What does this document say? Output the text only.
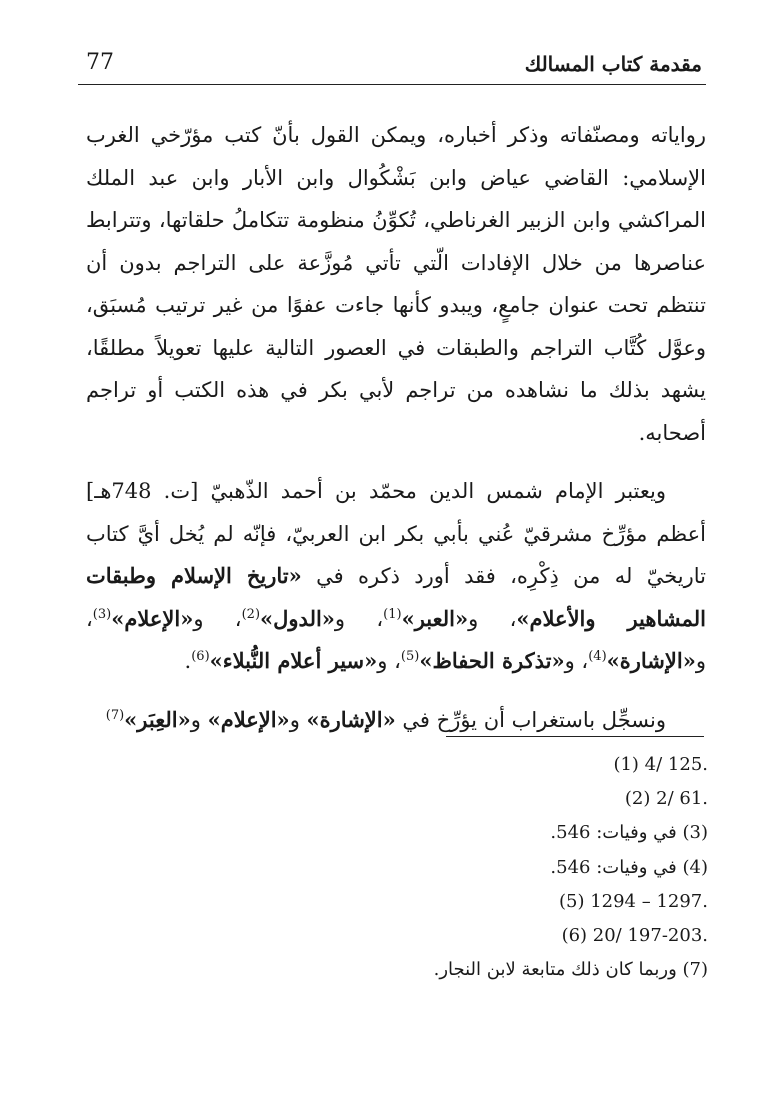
مقدمة كتاب المسالك
77

رواياته ومصنّفاته وذكر أخباره، ويمكن القول بأنّ كتب مؤرّخي الغرب الإسلامي: القاضي عياض وابن بَشْكُوال وابن الأبار وابن عبد الملك المراكشي وابن الزبير الغرناطي، تُكوِّنُ منظومة تتكاملُ حلقاتها، وتترابط عناصرها من خلال الإفادات الّتي تأتي مُوزَّعة على التراجم بدون أن تنتظم تحت عنوان جامعٍ، ويبدو كأنها جاءت عفوًا من غير ترتيب مُسبَق، وعوَّل كُتَّاب التراجم والطبقات في العصور التالية عليها تعويلاً مطلقًا، يشهد بذلك ما نشاهده من تراجم لأبي بكر في هذه الكتب أو تراجم أصحابه.

ويعتبر الإمام شمس الدين محمّد بن أحمد الذّهبيّ [ت. 748هـ] أعظم مؤرِّخ مشرقيّ عُني بأبي بكر ابن العربيّ، فإنّه لم يُخل أيَّ كتاب تاريخيّ له من ذِكْرِه، فقد أورد ذكره في «تاريخ الإسلام وطبقات المشاهير والأعلام»، و«العبر»$^{(1)}$، و«الدول»$^{(2)}$، و«الإعلام»$^{(3)}$، و«الإشارة»$^{(4)}$، و«تذكرة الحفاظ»$^{(5)}$، و«سير أعلام النُّبلاء»$^{(6)}$.

ونسجِّل باستغراب أن يؤرِّخ في «الإشارة» و«الإعلام» و«العِبَر»$^{(7)}$

(1) 4/ 125.

(2) 2/ 61.

(3) في وفيات: 546.

(4) في وفيات: 546.

(5) 1294 – 1297.

(6) 20/ 197-203.

(7) وربما كان ذلك متابعة لابن النجار.
